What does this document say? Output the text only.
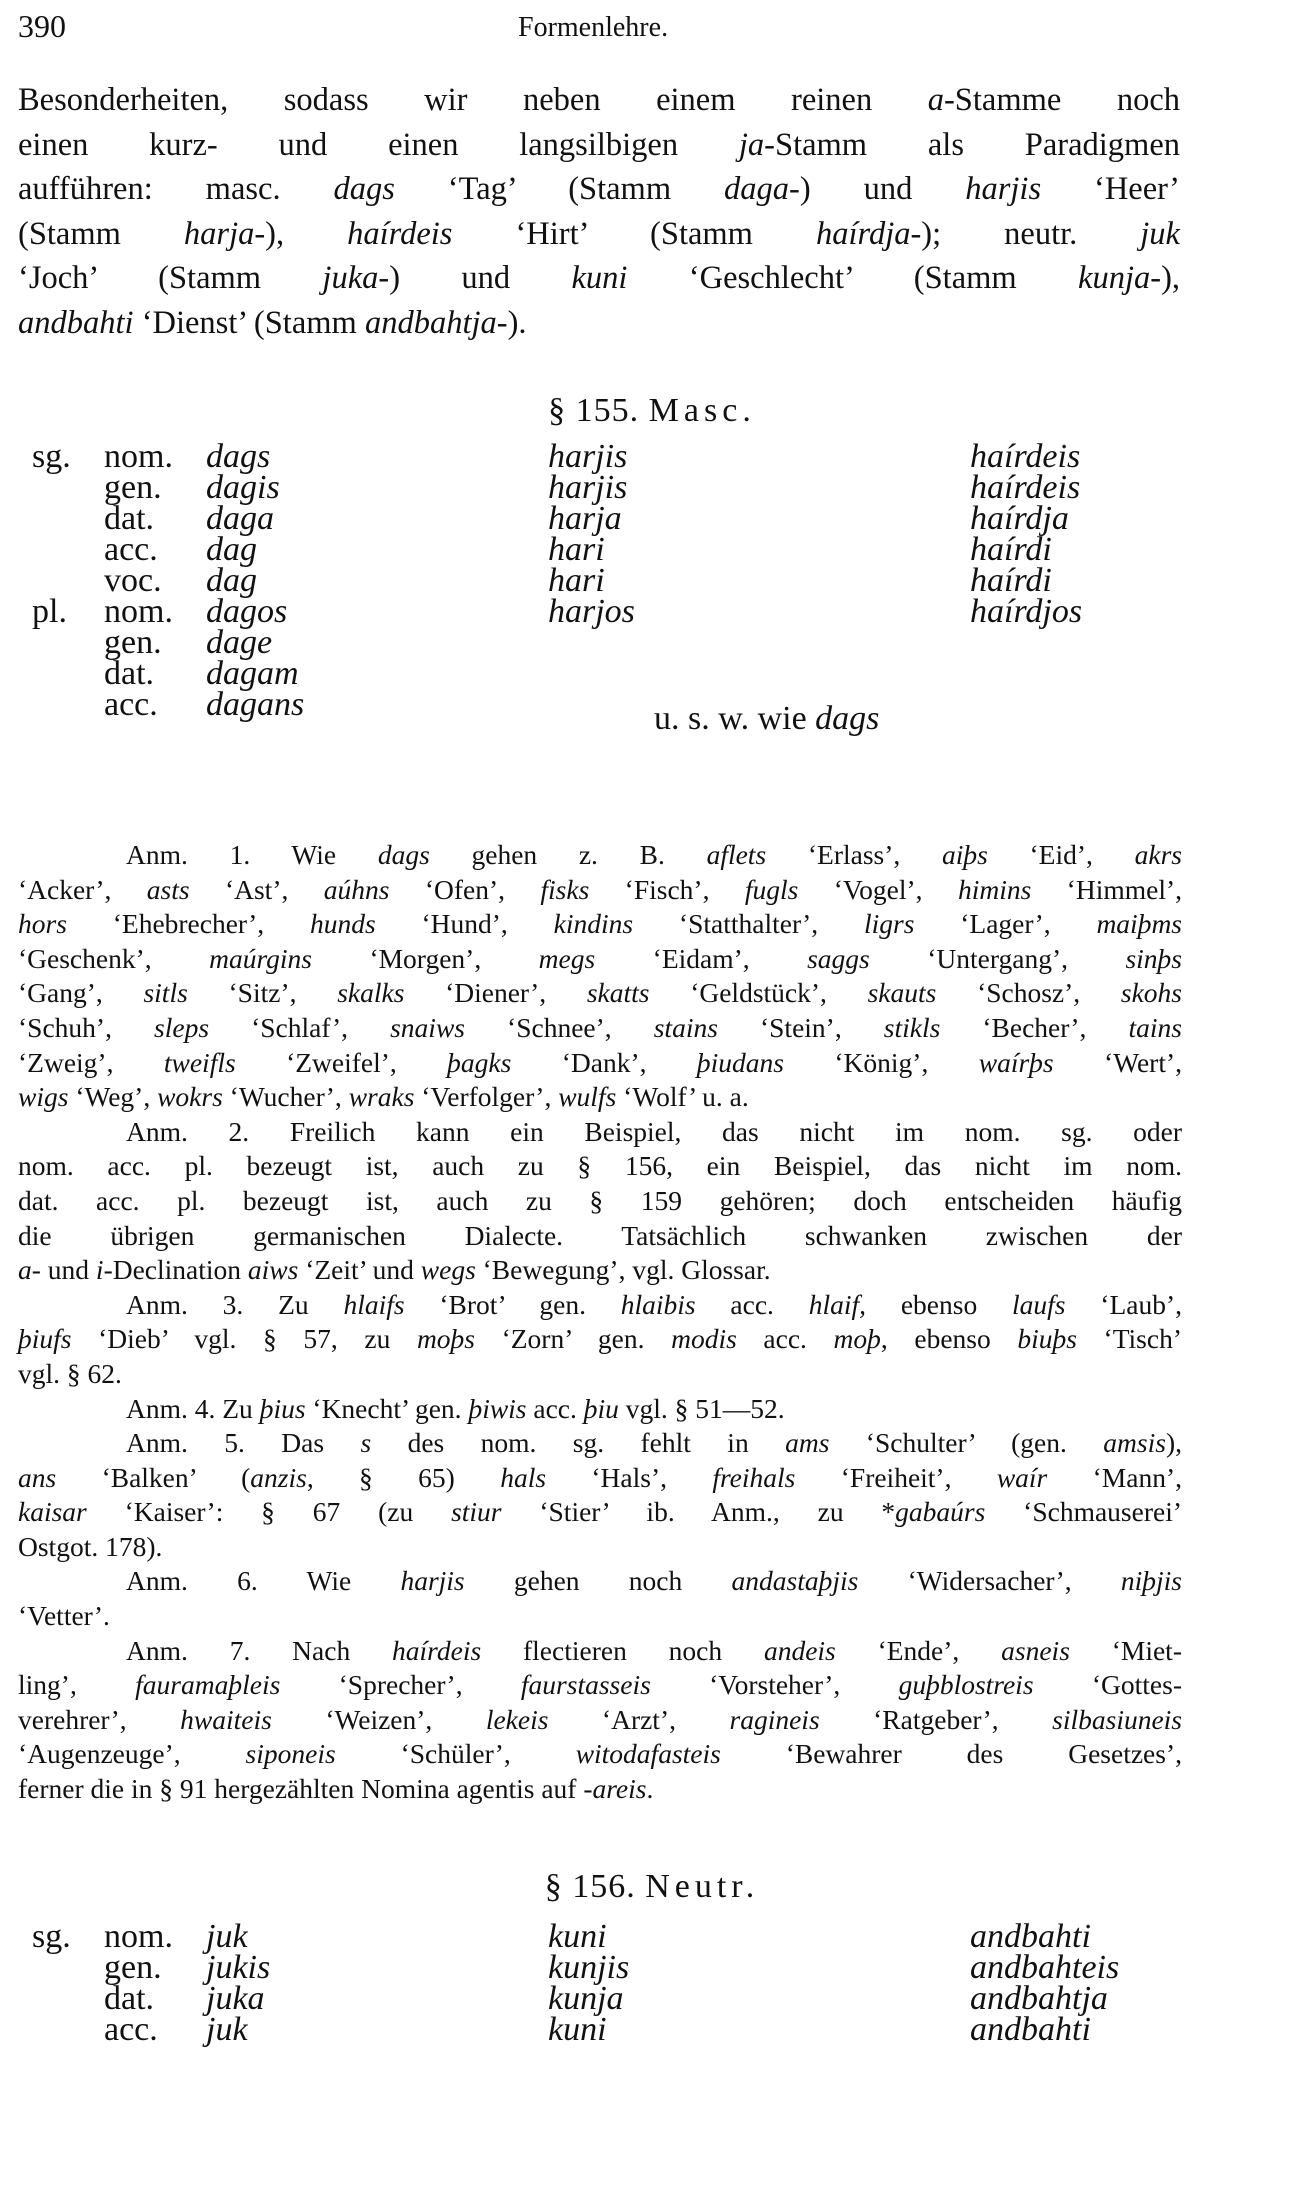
390	Formenlehre.
Besonderheiten, sodass wir neben einem reinen a-Stamme noch
einen kurz- und einen langsilbigen ja-Stamm als Paradigmen
aufführen: masc. dags ‘Tag’ (Stamm daga-) und harjis ‘Heer’
(Stamm harja-), haírdeis ‘Hirt’ (Stamm haírdja-); neutr. juk
‘Joch’ (Stamm juka-) und kuni ‘Geschlecht’ (Stamm kunja-),
andbahti ‘Dienst’ (Stamm andbahtja-).
§ 155. Masc.
sg. nom. dags	harjis	haírdeis
gen. dagis	harjis	haírdeis
dat. daga	harja	haírdja
acc. dag	hari	haírdi
voc. dag	hari	haírdi
pl. nom. dagos	harjos	haírdjos
gen. dage
dat. dagam
acc. dagans	u. s. w. wie dags
Anm. 1. Wie dags gehen z. B. aflets ‘Erlass’, aiþs ‘Eid’, akrs
‘Acker’, asts ‘Ast’, aúhns ‘Ofen’, fisks ‘Fisch’, fugls ‘Vogel’, himins ‘Himmel’,
hors ‘Ehebrecher’, hunds ‘Hund’, kindins ‘Statthalter’, ligrs ‘Lager’, maiþms
‘Geschenk’, maúrgins ‘Morgen’, megs ‘Eidam’, saggs ‘Untergang’, sinþs
‘Gang’, sitls ‘Sitz’, skalks ‘Diener’, skatts ‘Geldstück’, skauts ‘Schosz’, skohs
‘Schuh’, sleps ‘Schlaf’, snaiws ‘Schnee’, stains ‘Stein’, stikls ‘Becher’, tains
‘Zweig’, tweifls ‘Zweifel’, þagks ‘Dank’, þiudans ‘König’, waírþs ‘Wert’,
wigs ‘Weg’, wokrs ‘Wucher’, wraks ‘Verfolger’, wulfs ‘Wolf’ u. a.
Anm. 2. Freilich kann ein Beispiel, das nicht im nom. sg. oder
nom. acc. pl. bezeugt ist, auch zu § 156, ein Beispiel, das nicht im nom.
dat. acc. pl. bezeugt ist, auch zu § 159 gehören; doch entscheiden häufig
die übrigen germanischen Dialecte. Tatsächlich schwanken zwischen der
a- und i-Declination aiws ‘Zeit’ und wegs ‘Bewegung’, vgl. Glossar.
Anm. 3. Zu hlaifs ‘Brot’ gen. hlaibis acc. hlaif, ebenso laufs ‘Laub’,
þiufs ‘Dieb’ vgl. § 57, zu moþs ‘Zorn’ gen. modis acc. moþ, ebenso biuþs ‘Tisch’
vgl. § 62.
Anm. 4. Zu þius ‘Knecht’ gen. þiwis acc. þiu vgl. § 51—52.
Anm. 5. Das s des nom. sg. fehlt in ams ‘Schulter’ (gen. amsis),
ans ‘Balken’ (anzis, § 65) hals ‘Hals’, freihals ‘Freiheit’, waír ‘Mann’,
kaisar ‘Kaiser’: § 67 (zu stiur ‘Stier’ ib. Anm., zu *gabaúrs ‘Schmauserei’
Ostgot. 178).
Anm. 6. Wie harjis gehen noch andastaþjis ‘Widersacher’, niþjis
‘Vetter’.
Anm. 7. Nach haírdeis flectieren noch andeis ‘Ende’, asneis ‘Miet-
ling’, fauramaþleis ‘Sprecher’, faurstasseis ‘Vorsteher’, guþblostreis ‘Gottes-
verehrer’, hwaiteis ‘Weizen’, lekeis ‘Arzt’, ragineis ‘Ratgeber’, silbasiuneis
‘Augenzeuge’, siponeis ‘Schüler’, witodafasteis ‘Bewahrer des Gesetzes’,
ferner die in § 91 hergezählten Nomina agentis auf -areis.
§ 156. Neutr.
sg. nom. juk	kuni	andbahti
gen. jukis	kunjis	andbahteis
dat. juka	kunja	andbahtja
acc. juk	kuni	andbahti
